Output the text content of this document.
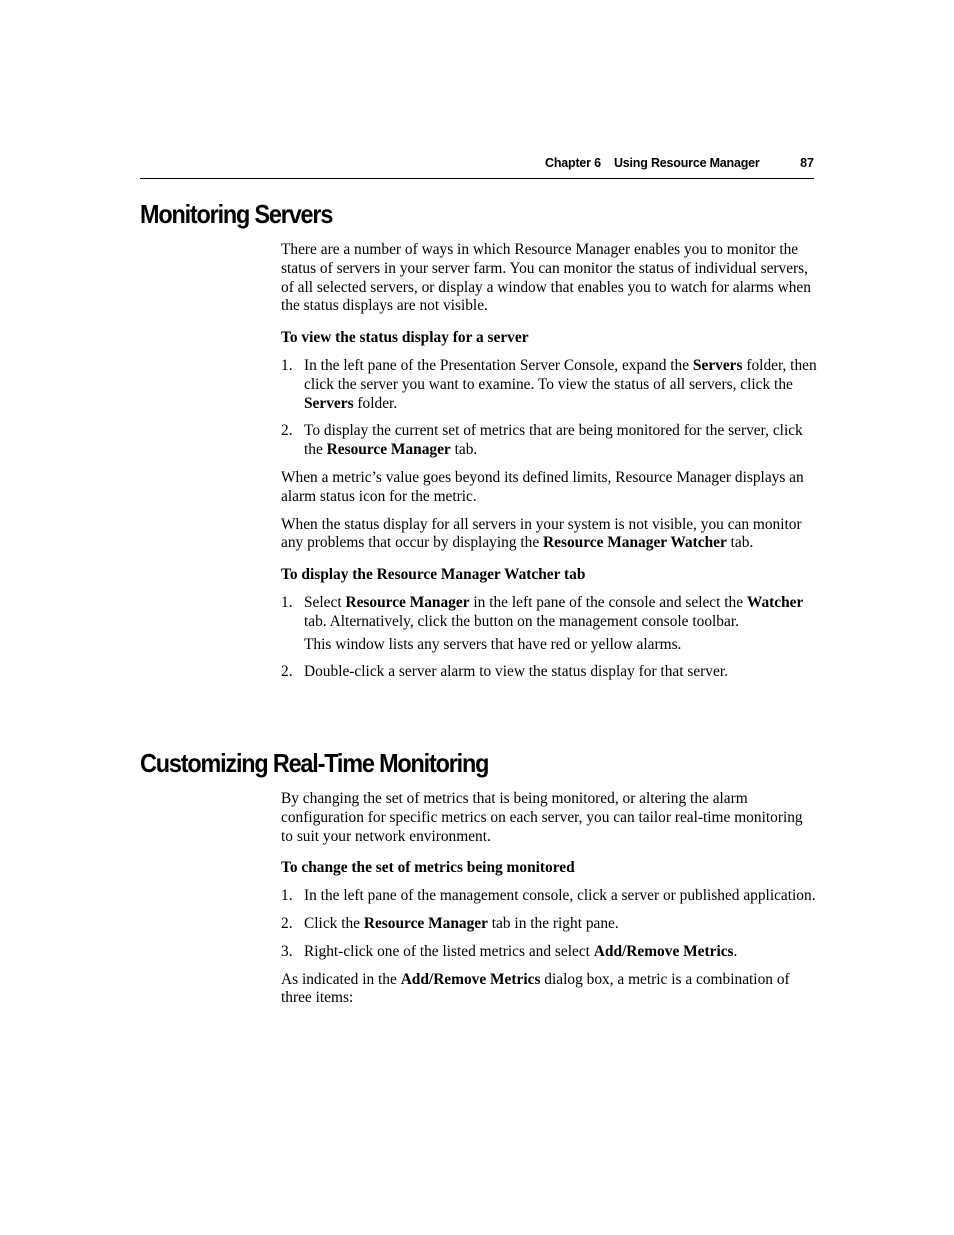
Chapter 6 Using Resource Manager	87
Monitoring Servers

There are a number of ways in which Resource Manager enables you to monitor the status of servers in your server farm. You can monitor the status of individual servers, of all selected servers, or display a window that enables you to watch for alarms when the status displays are not visible.

To view the status display for a server

1. In the left pane of the Presentation Server Console, expand the Servers folder, then click the server you want to examine. To view the status of all servers, click the Servers folder.
2. To display the current set of metrics that are being monitored for the server, click the Resource Manager tab.

When a metric’s value goes beyond its defined limits, Resource Manager displays an alarm status icon for the metric.

When the status display for all servers in your system is not visible, you can monitor any problems that occur by displaying the Resource Manager Watcher tab.

To display the Resource Manager Watcher tab

1. Select Resource Manager in the left pane of the console and select the Watcher tab. Alternatively, click the button on the management console toolbar.

This window lists any servers that have red or yellow alarms.

2. Double-click a server alarm to view the status display for that server.
Customizing Real-Time Monitoring

By changing the set of metrics that is being monitored, or altering the alarm configuration for specific metrics on each server, you can tailor real-time monitoring to suit your network environment.

To change the set of metrics being monitored

1. In the left pane of the management console, click a server or published application.
2. Click the Resource Manager tab in the right pane.
3. Right-click one of the listed metrics and select Add/Remove Metrics.

As indicated in the Add/Remove Metrics dialog box, a metric is a combination of three items:
